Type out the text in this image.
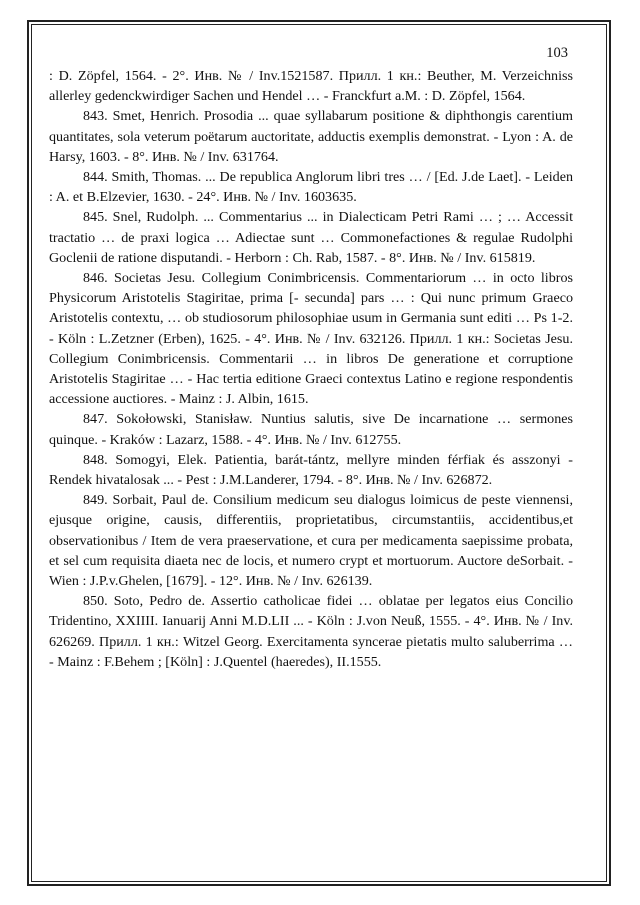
103

: D. Zöpfel, 1564. - 2°. Инв. № / Inv.1521587. Прилл. 1 кн.: Beuther, M. Verzeichniss allerley gedenckwirdiger Sachen und Hendel … - Franckfurt a.M. : D. Zöpfel, 1564.

843. Smet, Henrich. Prosodia ... quae syllabarum positione & diphthongis carentium quantitates, sola veterum poëtarum auctoritate, adductis exemplis demonstrat. - Lyon : A. de Harsy, 1603. - 8°. Инв. № / Inv. 631764.

844. Smith, Thomas. ... De republica Anglorum libri tres … / [Ed. J.de Laet]. - Leiden : A. et B.Elzevier, 1630. - 24°. Инв. № / Inv. 1603635.

845. Snel, Rudolph. ... Commentarius ... in Dialecticam Petri Rami … ; … Accessit tractatio … de praxi logica … Adiectae sunt … Commonefactiones & regulae Rudolphi Goclenii de ratione disputandi. - Herborn : Ch. Rab, 1587. - 8°. Инв. № / Inv. 615819.

846. Societas Jesu. Collegium Conimbricensis. Commentariorum … in octo libros Physicorum Aristotelis Stagiritae, prima [- secunda] pars … : Qui nunc primum Graeco Aristotelis contextu, … ob studiosorum philosophiae usum in Germania sunt editi … Ps 1-2. - Köln : L.Zetzner (Erben), 1625. - 4°. Инв. № / Inv. 632126. Прилл. 1 кн.: Societas Jesu. Collegium Conimbricensis. Commentarii … in libros De generatione et corruptione Aristotelis Stagiritae … - Hac tertia editione Graeci contextus Latino e regione respondentis accessione auctiores. - Mainz : J. Albin, 1615.

847. Sokołowski, Stanisław. Nuntius salutis, sive De incarnatione … sermones quinque. - Kraków : Lazarz, 1588. - 4°. Инв. № / Inv. 612755.

848. Somogyi, Elek. Patientia, barát-tántz, mellyre minden férfiak és asszonyi - Rendek hivatalosak ... - Pest : J.M.Landerer, 1794. - 8°. Инв. № / Inv. 626872.

849. Sorbait, Paul de. Consilium medicum seu dialogus loimicus de peste viennensi, ejusque origine, causis, differentiis, proprietatibus, circumstantiis, accidentibus,et observationibus / Item de vera praeservatione, et cura per medicamenta saepissime probata, et sel cum requisita diaeta nec de locis, et numero crypt et mortuorum. Auctore deSorbait. - Wien : J.P.v.Ghelen, [1679]. - 12°. Инв. № / Inv. 626139.

850. Soto, Pedro de. Assertio catholicae fidei … oblatae per legatos eius Concilio Tridentino, XXIIII. Ianuarij Anni M.D.LII ... - Köln : J.von Neuß, 1555. - 4°. Инв. № / Inv. 626269. Прилл. 1 кн.: Witzel Georg. Exercitamenta syncerae pietatis multo saluberrima … - Mainz : F.Behem ; [Köln] : J.Quentel (haeredes), II.1555.
